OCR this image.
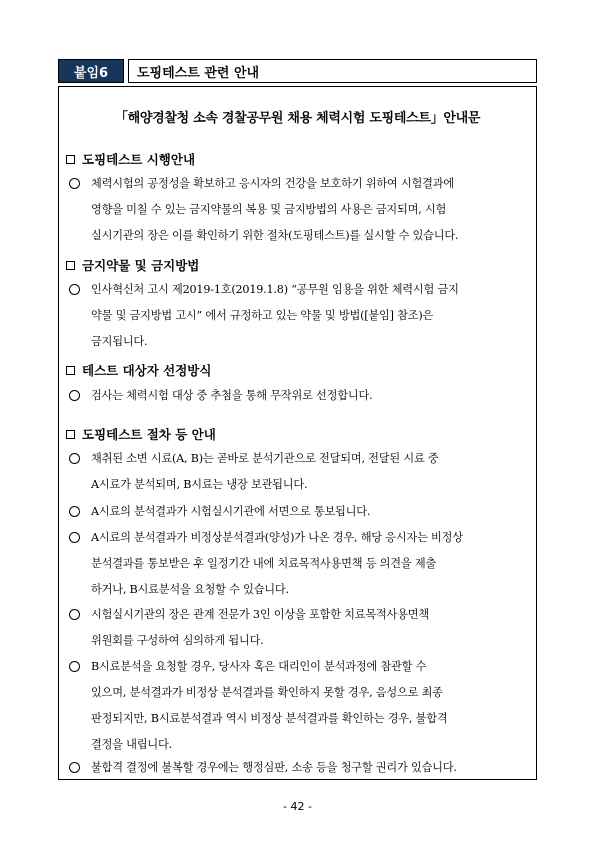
붙임6	도핑테스트 관련 안내
「해양경찰청 소속 경찰공무원 채용 체력시험 도핑테스트」안내문
도핑테스트 시행안내
체력시험의 공정성을 확보하고 응시자의 건강을 보호하기 위하여 시험결과에
영향을 미칠 수 있는 금지약물의 복용 및 금지방법의 사용은 금지되며, 시험
실시기관의 장은 이를 확인하기 위한 절차(도핑테스트)를 실시할 수 있습니다.
금지약물 및 금지방법
인사혁신처 고시 제2019-1호(2019.1.8) “공무원 임용을 위한 체력시험 금지
약물 및 금지방법 고시” 에서 규정하고 있는 약물 및 방법([붙임] 참조)은
금지됩니다.
테스트 대상자 선정방식
검사는 체력시험 대상 중 추첨을 통해 무작위로 선정합니다.
도핑테스트 절차 등 안내
채취된 소변 시료(A, B)는 곧바로 분석기관으로 전달되며, 전달된 시료 중
A시료가 분석되며, B시료는 냉장 보관됩니다.
A시료의 분석결과가 시험실시기관에 서면으로 통보됩니다.
A시료의 분석결과가 비정상분석결과(양성)가 나온 경우, 해당 응시자는 비정상
분석결과를 통보받은 후 일정기간 내에 치료목적사용면책 등 의견을 제출
하거나, B시료분석을 요청할 수 있습니다.
시험실시기관의 장은 관계 전문가 3인 이상을 포함한 치료목적사용면책
위원회를 구성하여 심의하게 됩니다.
B시료분석을 요청할 경우, 당사자 혹은 대리인이 분석과정에 참관할 수
있으며, 분석결과가 비정상 분석결과를 확인하지 못할 경우, 음성으로 최종
판정되지만, B시료분석결과 역시 비정상 분석결과를 확인하는 경우, 불합격
결정을 내립니다.
불합격 결정에 불복할 경우에는 행정심판, 소송 등을 청구할 권리가 있습니다.
- 42 -
